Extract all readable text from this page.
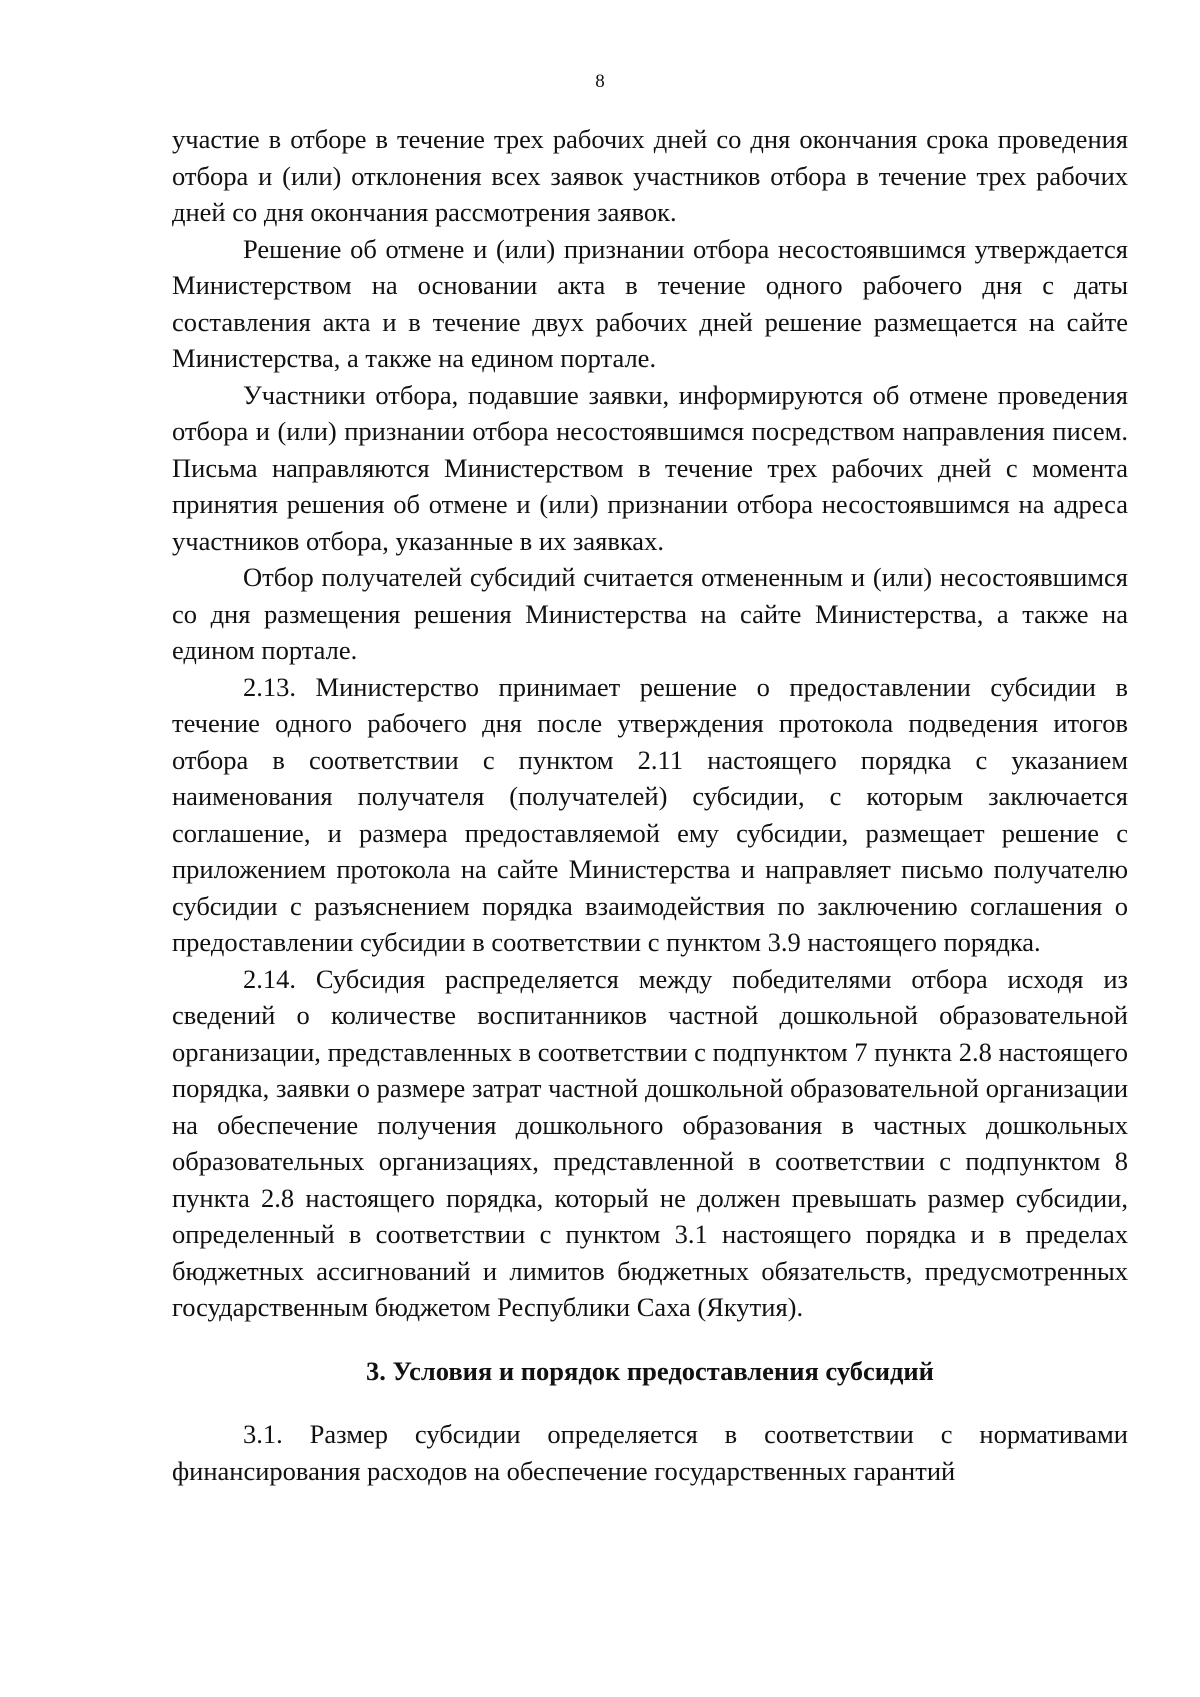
8

участие в отборе в течение трех рабочих дней со дня окончания срока проведения отбора и (или) отклонения всех заявок участников отбора в течение трех рабочих дней со дня окончания рассмотрения заявок.

Решение об отмене и (или) признании отбора несостоявшимся утверждается Министерством на основании акта в течение одного рабочего дня с даты составления акта и в течение двух рабочих дней решение размещается на сайте Министерства, а также на едином портале.

Участники отбора, подавшие заявки, информируются об отмене проведения отбора и (или) признании отбора несостоявшимся посредством направления писем. Письма направляются Министерством в течение трех рабочих дней с момента принятия решения об отмене и (или) признании отбора несостоявшимся на адреса участников отбора, указанные в их заявках.

Отбор получателей субсидий считается отмененным и (или) несостоявшимся со дня размещения решения Министерства на сайте Министерства, а также на едином портале.

2.13. Министерство принимает решение о предоставлении субсидии в течение одного рабочего дня после утверждения протокола подведения итогов отбора в соответствии с пунктом 2.11 настоящего порядка с указанием наименования получателя (получателей) субсидии, с которым заключается соглашение, и размера предоставляемой ему субсидии, размещает решение с приложением протокола на сайте Министерства и направляет письмо получателю субсидии с разъяснением порядка взаимодействия по заключению соглашения о предоставлении субсидии в соответствии с пунктом 3.9 настоящего порядка.

2.14. Субсидия распределяется между победителями отбора исходя из сведений о количестве воспитанников частной дошкольной образовательной организации, представленных в соответствии с подпунктом 7 пункта 2.8 настоящего порядка, заявки о размере затрат частной дошкольной образовательной организации на обеспечение получения дошкольного образования в частных дошкольных образовательных организациях, представленной в соответствии с подпунктом 8 пункта 2.8 настоящего порядка, который не должен превышать размер субсидии, определенный в соответствии с пунктом 3.1 настоящего порядка и в пределах бюджетных ассигнований и лимитов бюджетных обязательств, предусмотренных государственным бюджетом Республики Саха (Якутия).

3. Условия и порядок предоставления субсидий

3.1. Размер субсидии определяется в соответствии с нормативами финансирования расходов на обеспечение государственных гарантий
